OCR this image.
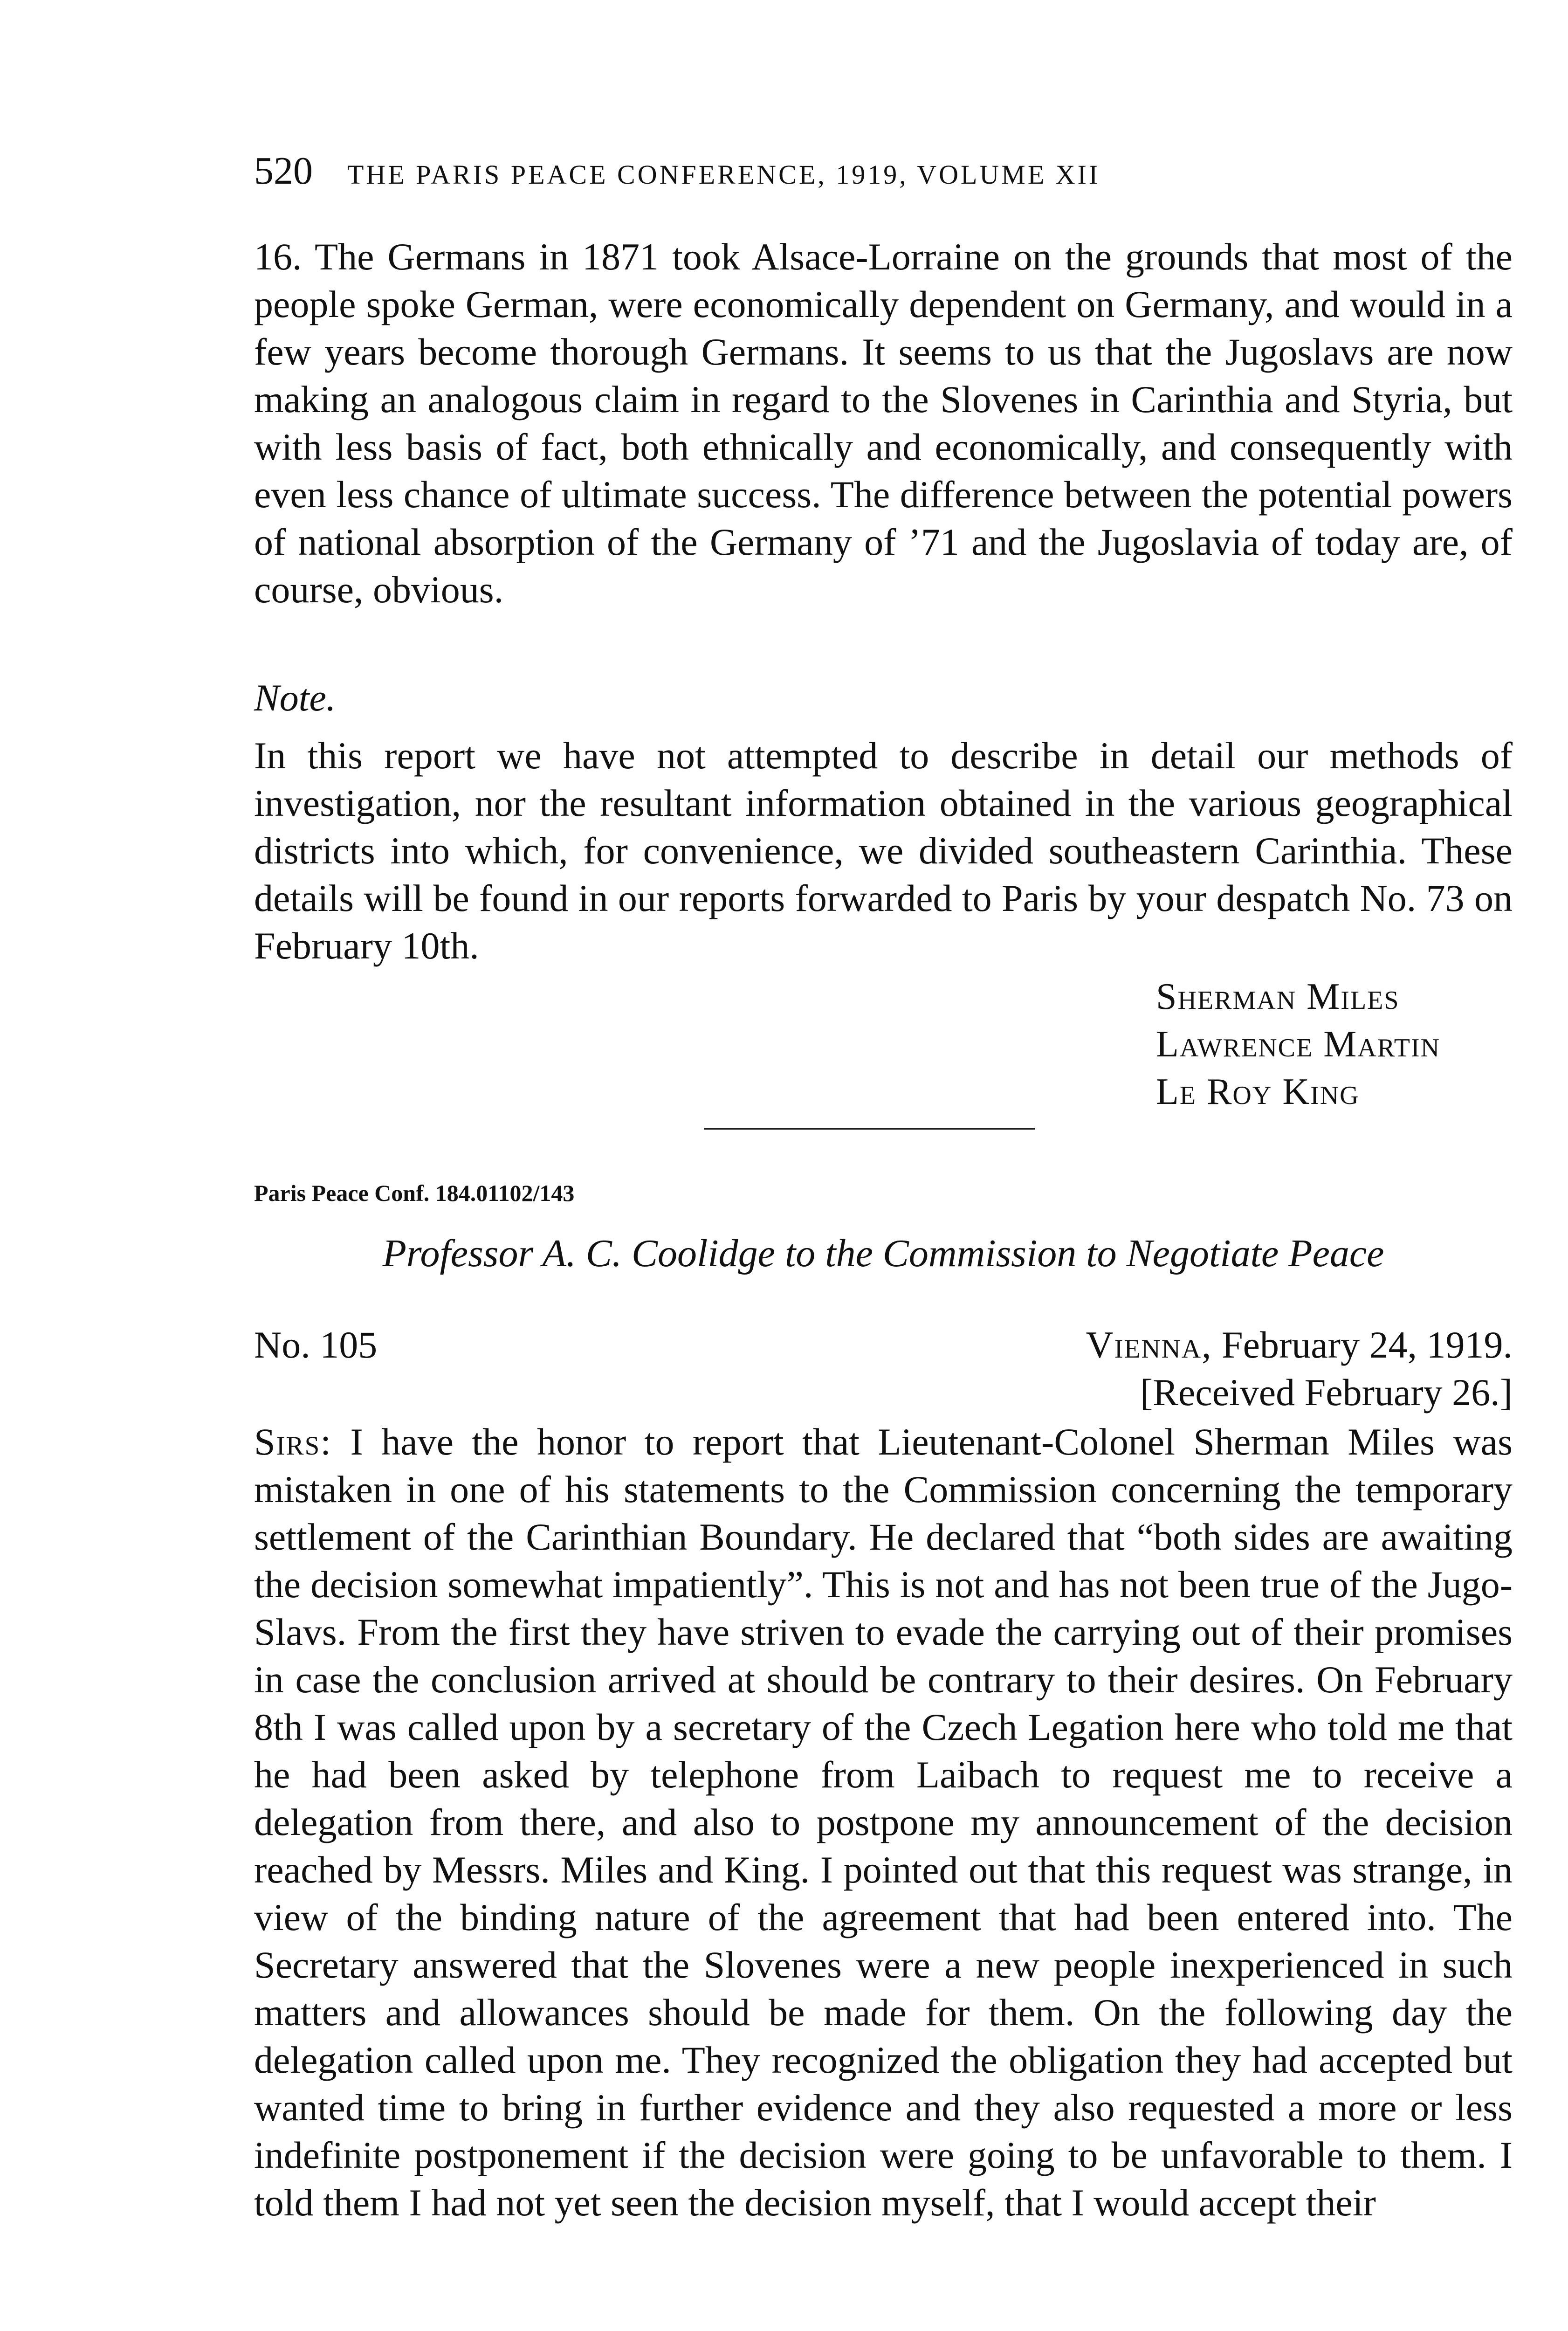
520 THE PARIS PEACE CONFERENCE, 1919, VOLUME XII

16. The Germans in 1871 took Alsace-Lorraine on the grounds that most of the people spoke German, were economically dependent on Germany, and would in a few years become thorough Germans. It seems to us that the Jugoslavs are now making an analogous claim in regard to the Slovenes in Carinthia and Styria, but with less basis of fact, both ethnically and economically, and consequently with even less chance of ultimate success. The difference between the potential powers of national absorption of the Germany of ’71 and the Jugoslavia of today are, of course, obvious.

Note.

In this report we have not attempted to describe in detail our methods of investigation, nor the resultant information obtained in the various geographical districts into which, for convenience, we divided southeastern Carinthia. These details will be found in our reports forwarded to Paris by your despatch No. 73 on February 10th.

Sherman Miles
Lawrence Martin
Le Roy King
Paris Peace Conf. 184.01102/143
Professor A. C. Coolidge to the Commission to Negotiate Peace
No. 105	Vienna, February 24, 1919.
[Received February 26.]

Sirs: I have the honor to report that Lieutenant-Colonel Sherman Miles was mistaken in one of his statements to the Commission concerning the temporary settlement of the Carinthian Boundary. He declared that “both sides are awaiting the decision somewhat impatiently”. This is not and has not been true of the Jugo-Slavs. From the first they have striven to evade the carrying out of their promises in case the conclusion arrived at should be contrary to their desires. On February 8th I was called upon by a secretary of the Czech Legation here who told me that he had been asked by telephone from Laibach to request me to receive a delegation from there, and also to postpone my announcement of the decision reached by Messrs. Miles and King. I pointed out that this request was strange, in view of the binding nature of the agreement that had been entered into. The Secretary answered that the Slovenes were a new people inexperienced in such matters and allowances should be made for them. On the following day the delegation called upon me. They recognized the obligation they had accepted but wanted time to bring in further evidence and they also requested a more or less indefinite postponement if the decision were going to be unfavorable to them. I told them I had not yet seen the decision myself, that I would accept their
